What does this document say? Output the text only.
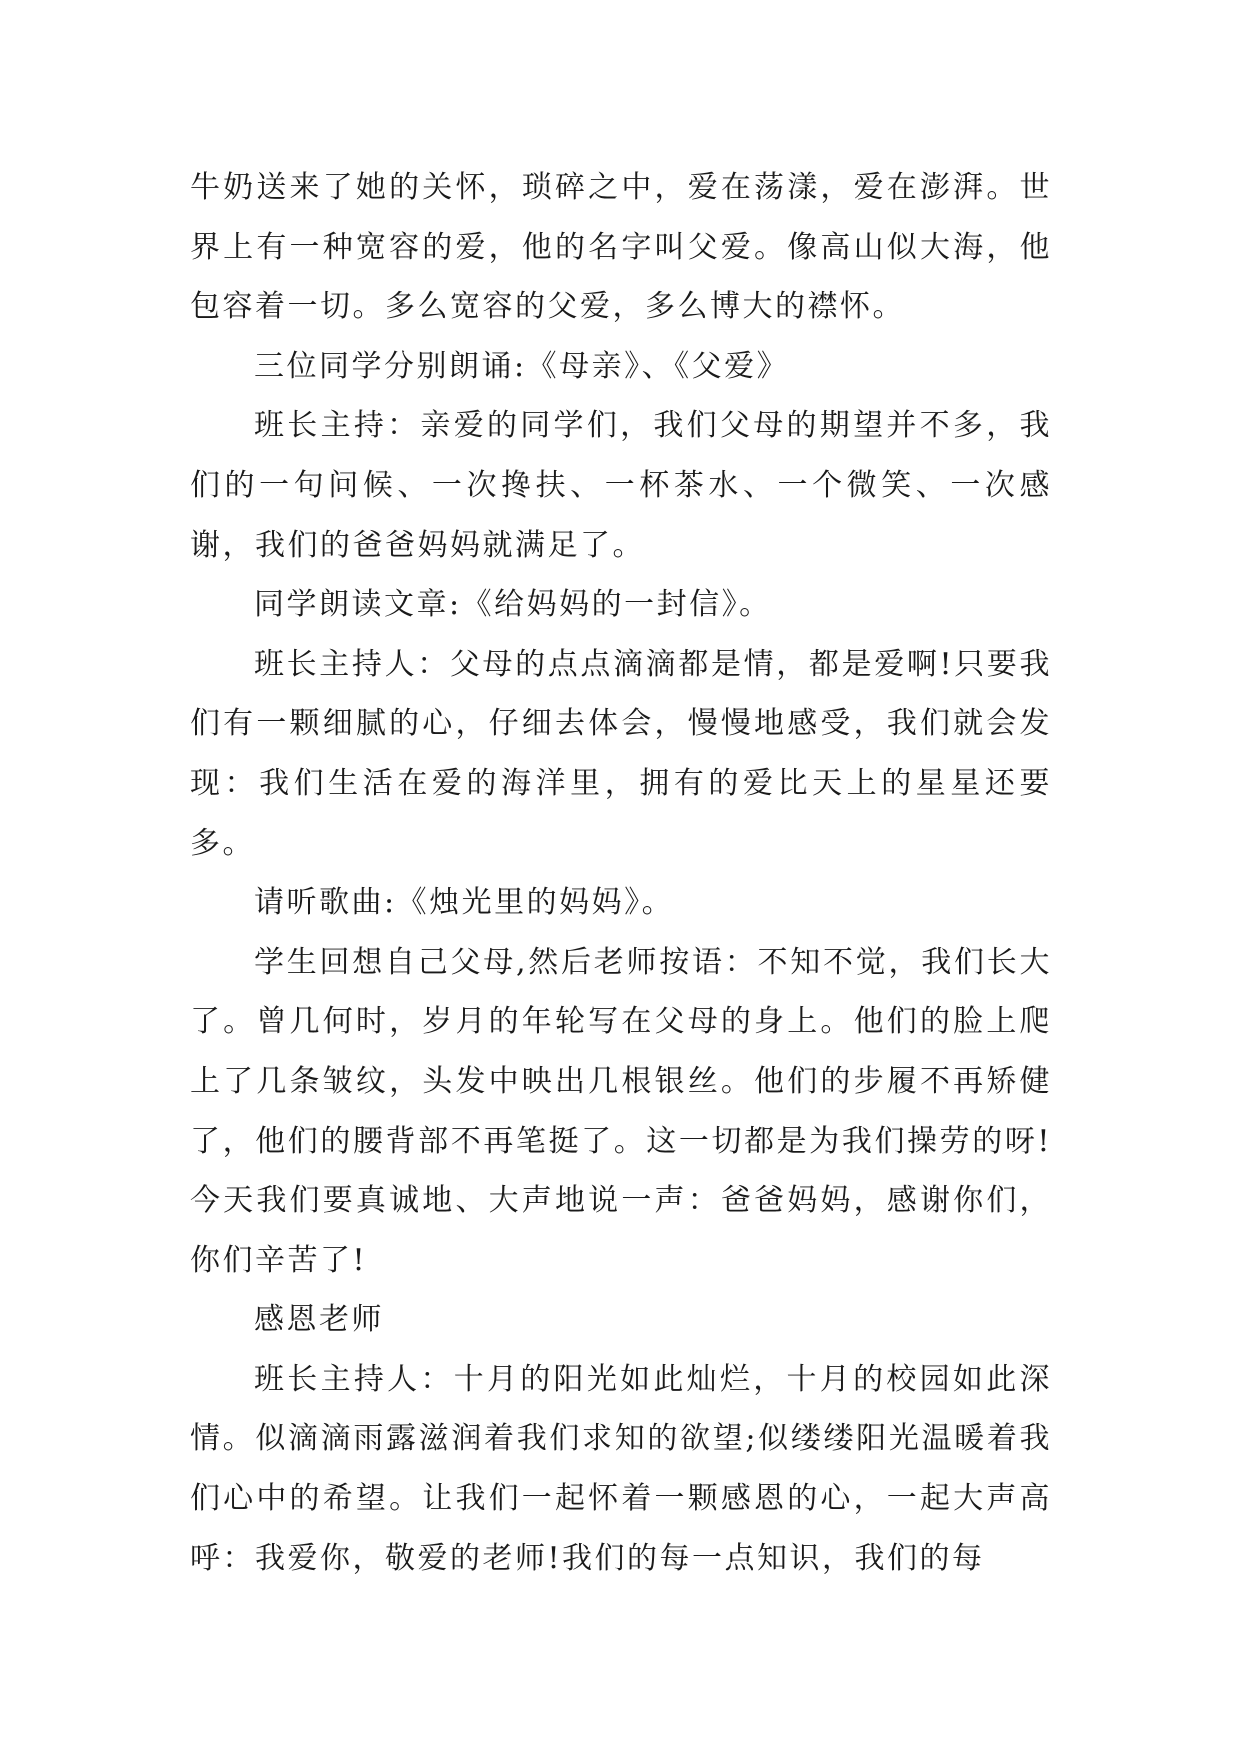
牛奶送来了她的关怀，琐碎之中，爱在荡漾，爱在澎湃。世界上有一种宽容的爱，他的名字叫父爱。像高山似大海，他包容着一切。多么宽容的父爱，多么博大的襟怀。

三位同学分别朗诵:《母亲》、《父爱》

班长主持：亲爱的同学们，我们父母的期望并不多，我们的一句问候、一次搀扶、一杯茶水、一个微笑、一次感谢，我们的爸爸妈妈就满足了。

同学朗读文章:《给妈妈的一封信》。

班长主持人：父母的点点滴滴都是情，都是爱啊!只要我们有一颗细腻的心，仔细去体会，慢慢地感受，我们就会发现：我们生活在爱的海洋里，拥有的爱比天上的星星还要多。

请听歌曲:《烛光里的妈妈》。

学生回想自己父母,然后老师按语：不知不觉，我们长大了。曾几何时，岁月的年轮写在父母的身上。他们的脸上爬上了几条皱纹，头发中映出几根银丝。他们的步履不再矫健了，他们的腰背部不再笔挺了。这一切都是为我们操劳的呀!今天我们要真诚地、大声地说一声：爸爸妈妈，感谢你们，你们辛苦了!

感恩老师

班长主持人：十月的阳光如此灿烂，十月的校园如此深情。似滴滴雨露滋润着我们求知的欲望;似缕缕阳光温暖着我们心中的希望。让我们一起怀着一颗感恩的心，一起大声高呼：我爱你，敬爱的老师!我们的每一点知识，我们的每
